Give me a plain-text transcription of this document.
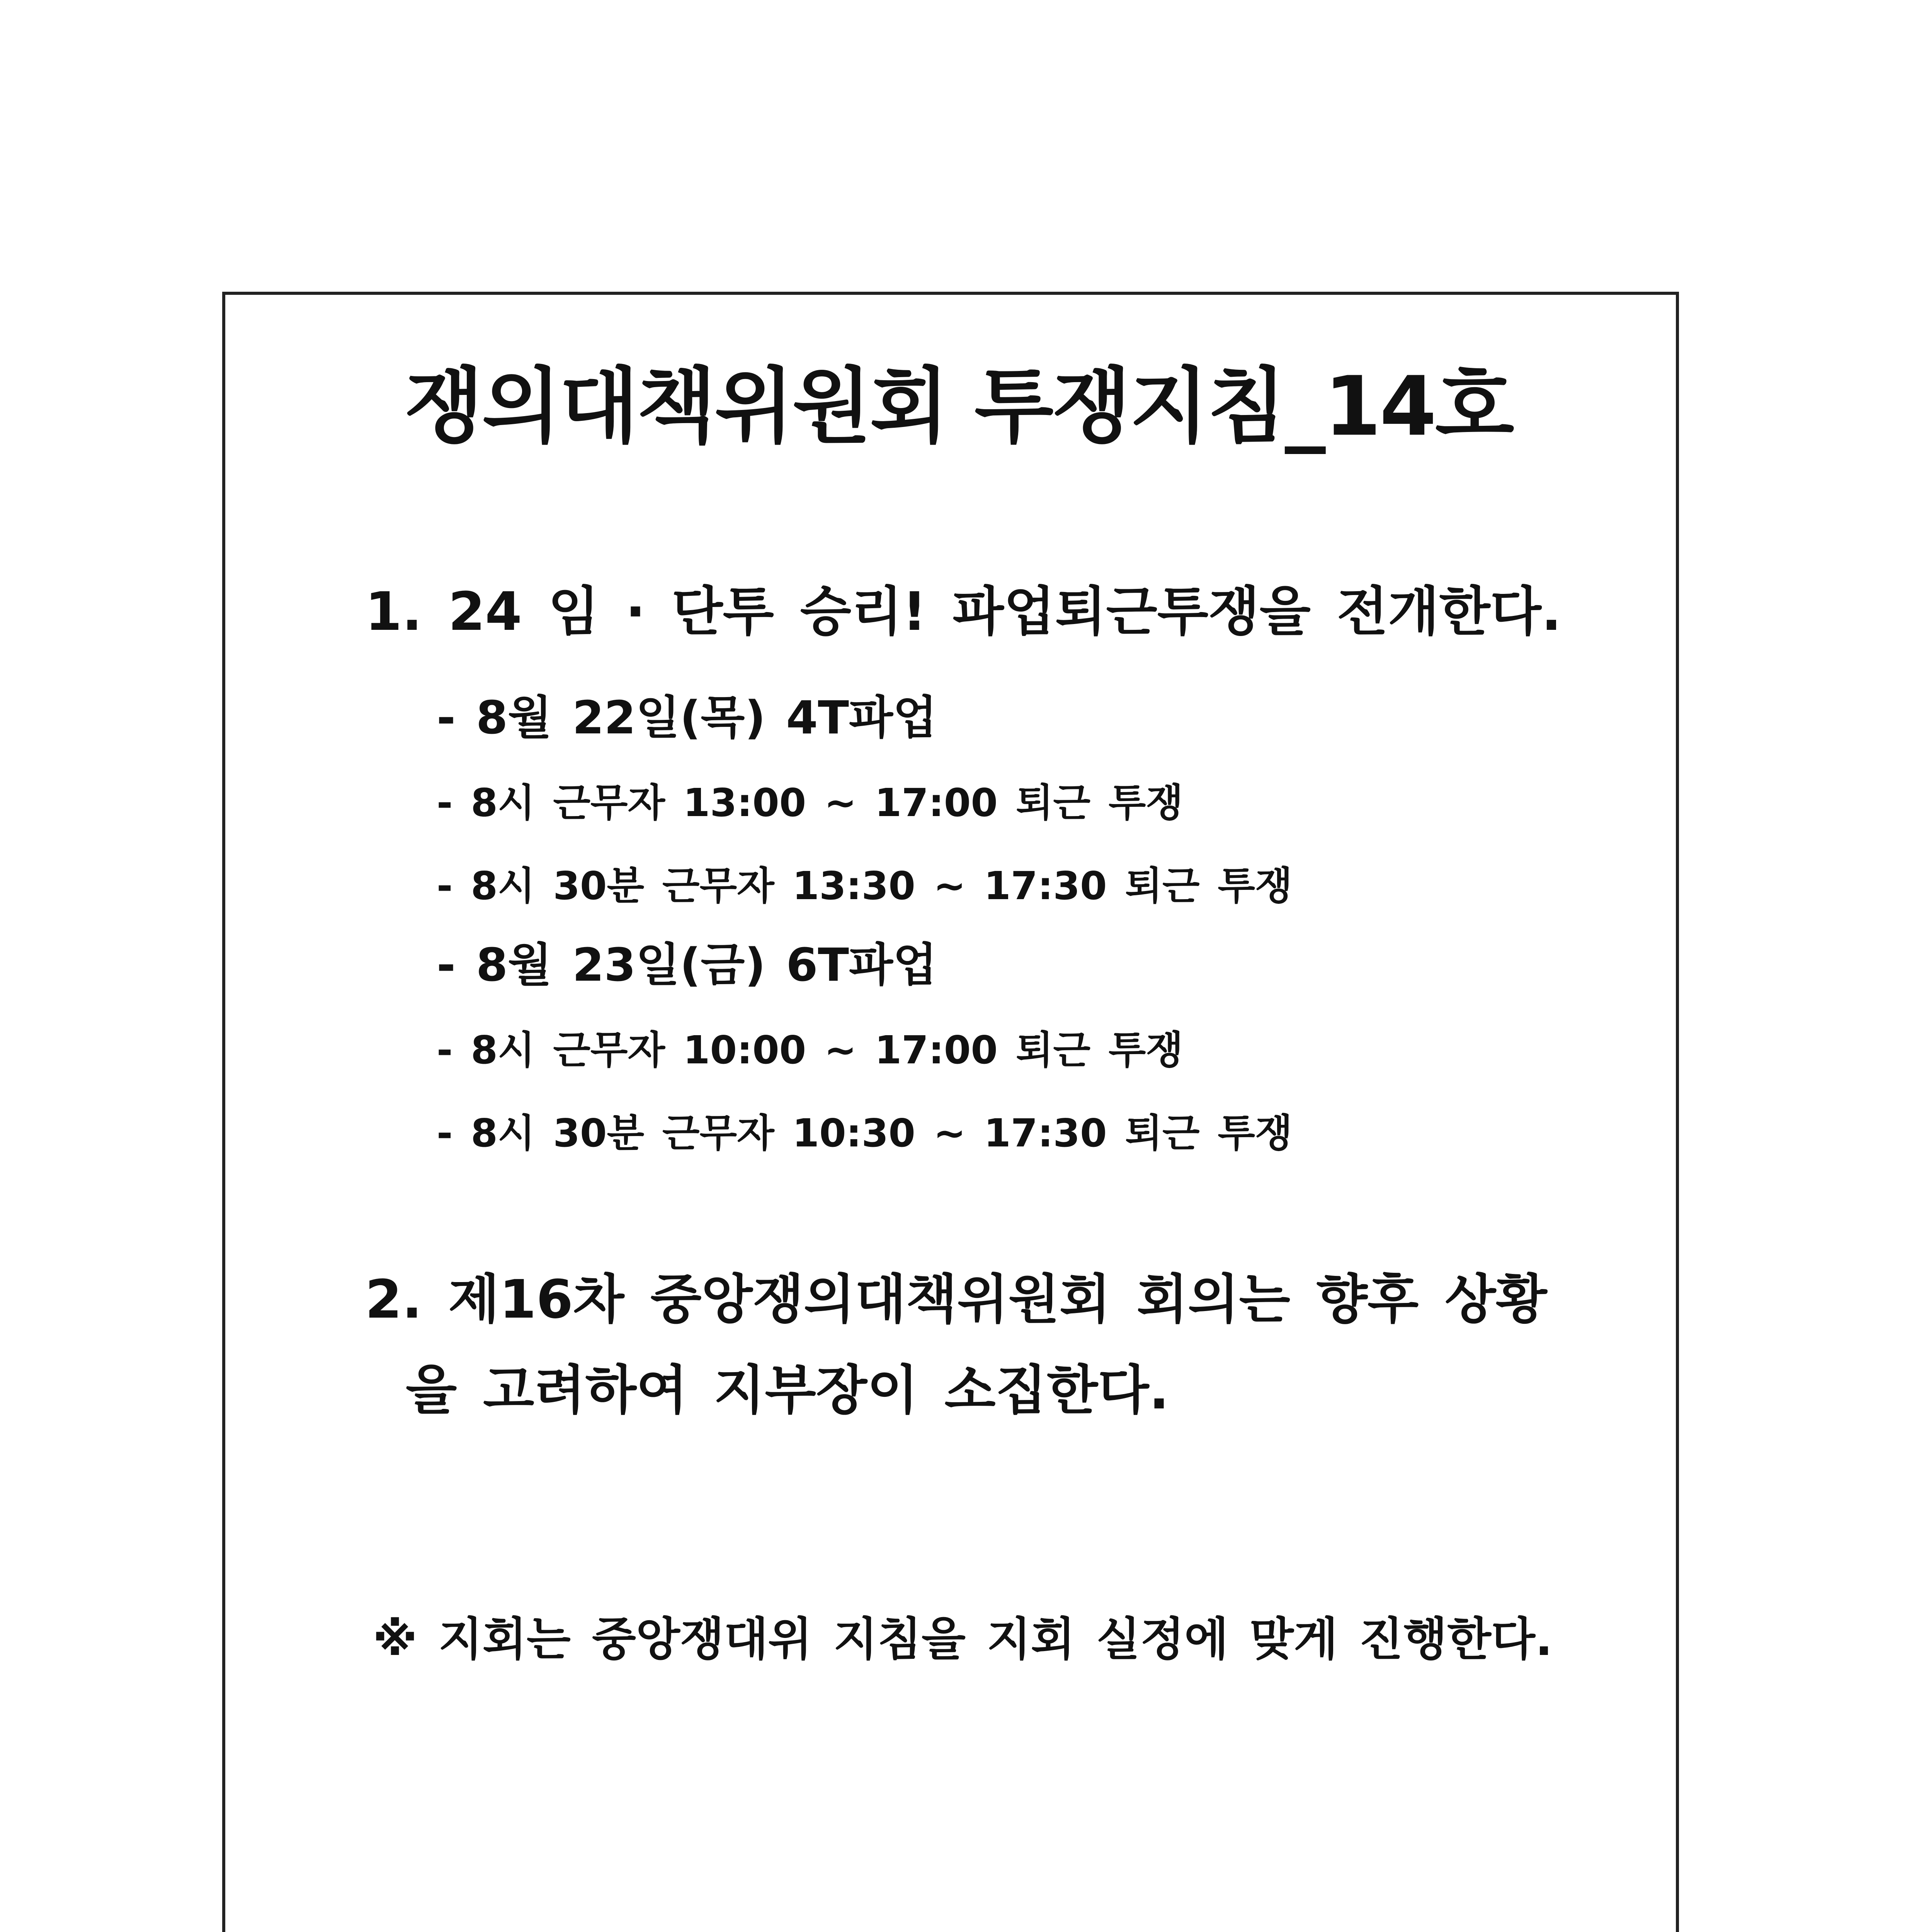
쟁의대책위원회 투쟁지침_14호
1. 24 임 · 단투 승리! 파업퇴근투쟁을 전개한다.
- 8월 22일(목) 4T파업
- 8시 근무자 13:00 ~ 17:00 퇴근 투쟁
- 8시 30분 근무자 13:30 ~ 17:30 퇴근 투쟁
- 8월 23일(금) 6T파업
- 8시 근무자 10:00 ~ 17:00 퇴근 투쟁
- 8시 30분 근무자 10:30 ~ 17:30 퇴근 투쟁
2. 제16차 중앙쟁의대책위원회 회의는 향후 상황
을 고려하여 지부장이 소집한다.
※ 지회는 중앙쟁대위 지침을 지회 실정에 맞게 진행한다.
